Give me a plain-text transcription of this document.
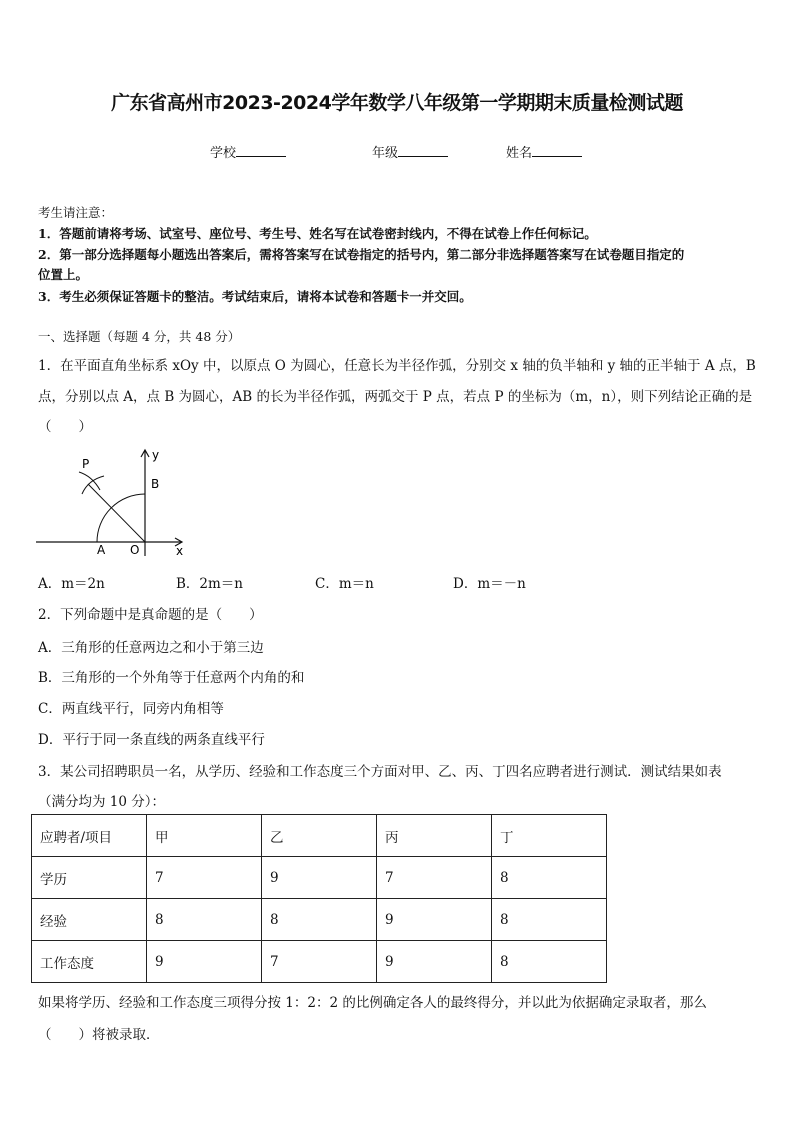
广东省高州市2023-2024学年数学八年级第一学期期末质量检测试题
学校	年级	姓名
考生请注意：
1．答题前请将考场、试室号、座位号、考生号、姓名写在试卷密封线内，不得在试卷上作任何标记。
2．第一部分选择题每小题选出答案后，需将答案写在试卷指定的括号内，第二部分非选择题答案写在试卷题目指定的
位置上。
3．考生必须保证答题卡的整洁。考试结束后，请将本试卷和答题卡一并交回。
一、选择题（每题 4 分，共 48 分）
1．在平面直角坐标系 xOy 中，以原点 O 为圆心，任意长为半径作弧，分别交 x 轴的负半轴和 y 轴的正半轴于 A 点，B
点，分别以点 A，点 B 为圆心，AB 的长为半径作弧，两弧交于 P 点，若点 P 的坐标为（m，n），则下列结论正确的是
（　　）
P
y
B
A O	x
A．m＝2n	B．2m＝n	C．m＝n	D．m＝－n
2．下列命题中是真命题的是（　　）
A．三角形的任意两边之和小于第三边
B．三角形的一个外角等于任意两个内角的和
C．两直线平行，同旁内角相等
D．平行于同一条直线的两条直线平行
3．某公司招聘职员一名，从学历、经验和工作态度三个方面对甲、乙、丙、丁四名应聘者进行测试．测试结果如表
（满分均为 10 分）：
应聘者/项目	甲	乙	丙	丁
学历	7	9	7	8
经验	8	8	9	8
工作态度	9	7	9	8
如果将学历、经验和工作态度三项得分按 1：2：2 的比例确定各人的最终得分，并以此为依据确定录取者，那么
（　　）将被录取．
